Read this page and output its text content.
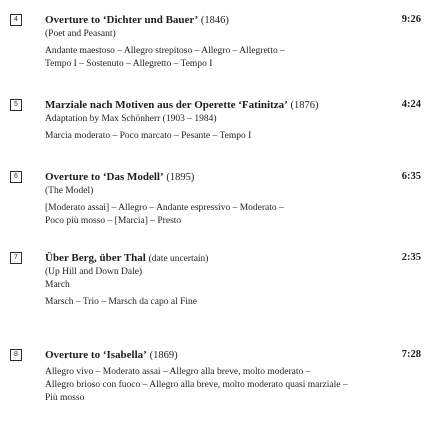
4	Overture to ‘Dichter und Bauer’ (1846)
(Poet and Peasant)
Andante maestoso – Allegro strepitoso – Allegro – Allegretto –
Tempo I – Sostenuto – Allegretto – Tempo I
9:26
5	Marziale nach Motiven aus der Operette ‘Fatinitza’ (1876)
Adaptation by Max Schönherr (1903 – 1984)
Marcia moderato – Poco marcato – Pesante – Tempo I
4:24
6	Overture to ‘Das Modell’ (1895)
(The Model)
[Moderato assai] – Allegro – Andante espressivo – Moderato –
Poco più mosso – [Marcia] – Presto
6:35
7	Über Berg, über Thal (date uncertain)
(Up Hill and Down Dale)
March
Marsch – Trio – Marsch da capo al Fine
2:35
8	Overture to ‘Isabella’ (1869)
Allegro vivo – Moderato assai – Allegro alla breve, molto moderato –
Allegro brioso con fuoco – Allegro alla breve, molto moderato quasi marziale –
Più mosso
7:28
